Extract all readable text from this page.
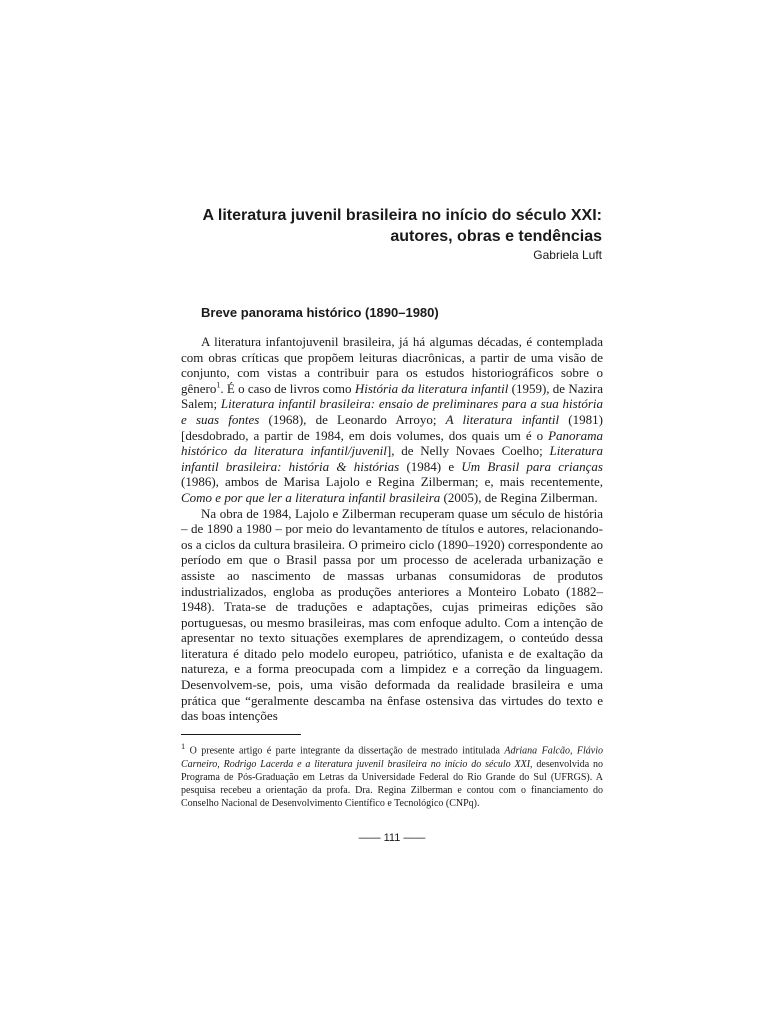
A literatura juvenil brasileira no início do século XXI:
autores, obras e tendências
Gabriela Luft
Breve panorama histórico (1890–1980)

A literatura infantojuvenil brasileira, já há algumas décadas, é contemplada com obras críticas que propõem leituras diacrônicas, a partir de uma visão de conjunto, com vistas a contribuir para os estudos historiográficos sobre o gênero$^1$. É o caso de livros como História da literatura infantil (1959), de Nazira Salem; Literatura infantil brasileira: ensaio de preliminares para a sua história e suas fontes (1968), de Leonardo Arroyo; A literatura infantil (1981) [desdobrado, a partir de 1984, em dois volumes, dos quais um é o Panorama histórico da literatura infantil/juvenil], de Nelly Novaes Coelho; Literatura infantil brasileira: história & histórias (1984) e Um Brasil para crianças (1986), ambos de Marisa Lajolo e Regina Zilberman; e, mais recentemente, Como e por que ler a literatura infantil brasileira (2005), de Regina Zilberman.

Na obra de 1984, Lajolo e Zilberman recuperam quase um século de história – de 1890 a 1980 – por meio do levantamento de títulos e autores, relacionando-os a ciclos da cultura brasileira. O primeiro ciclo (1890–1920) correspondente ao período em que o Brasil passa por um processo de acelerada urbanização e assiste ao nascimento de massas urbanas consumidoras de produtos industrializados, engloba as produções anteriores a Monteiro Lobato (1882–1948). Trata-se de traduções e adaptações, cujas primeiras edições são portuguesas, ou mesmo brasileiras, mas com enfoque adulto. Com a intenção de apresentar no texto situações exemplares de aprendizagem, o conteúdo dessa literatura é ditado pelo modelo europeu, patriótico, ufanista e de exaltação da natureza, e a forma preocupada com a limpidez e a correção da linguagem. Desenvolvem-se, pois, uma visão deformada da realidade brasileira e uma prática que “geralmente descamba na ênfase ostensiva das virtudes do texto e das boas intenções

$^1$ O presente artigo é parte integrante da dissertação de mestrado intitulada Adriana Falcão, Flávio Carneiro, Rodrigo Lacerda e a literatura juvenil brasileira no início do século XXI, desenvolvida no Programa de Pós-Graduação em Letras da Universidade Federal do Rio Grande do Sul (UFRGS). A pesquisa recebeu a orientação da profa. Dra. Regina Zilberman e contou com o financiamento do Conselho Nacional de Desenvolvimento Científico e Tecnológico (CNPq).
—— 111 ——
